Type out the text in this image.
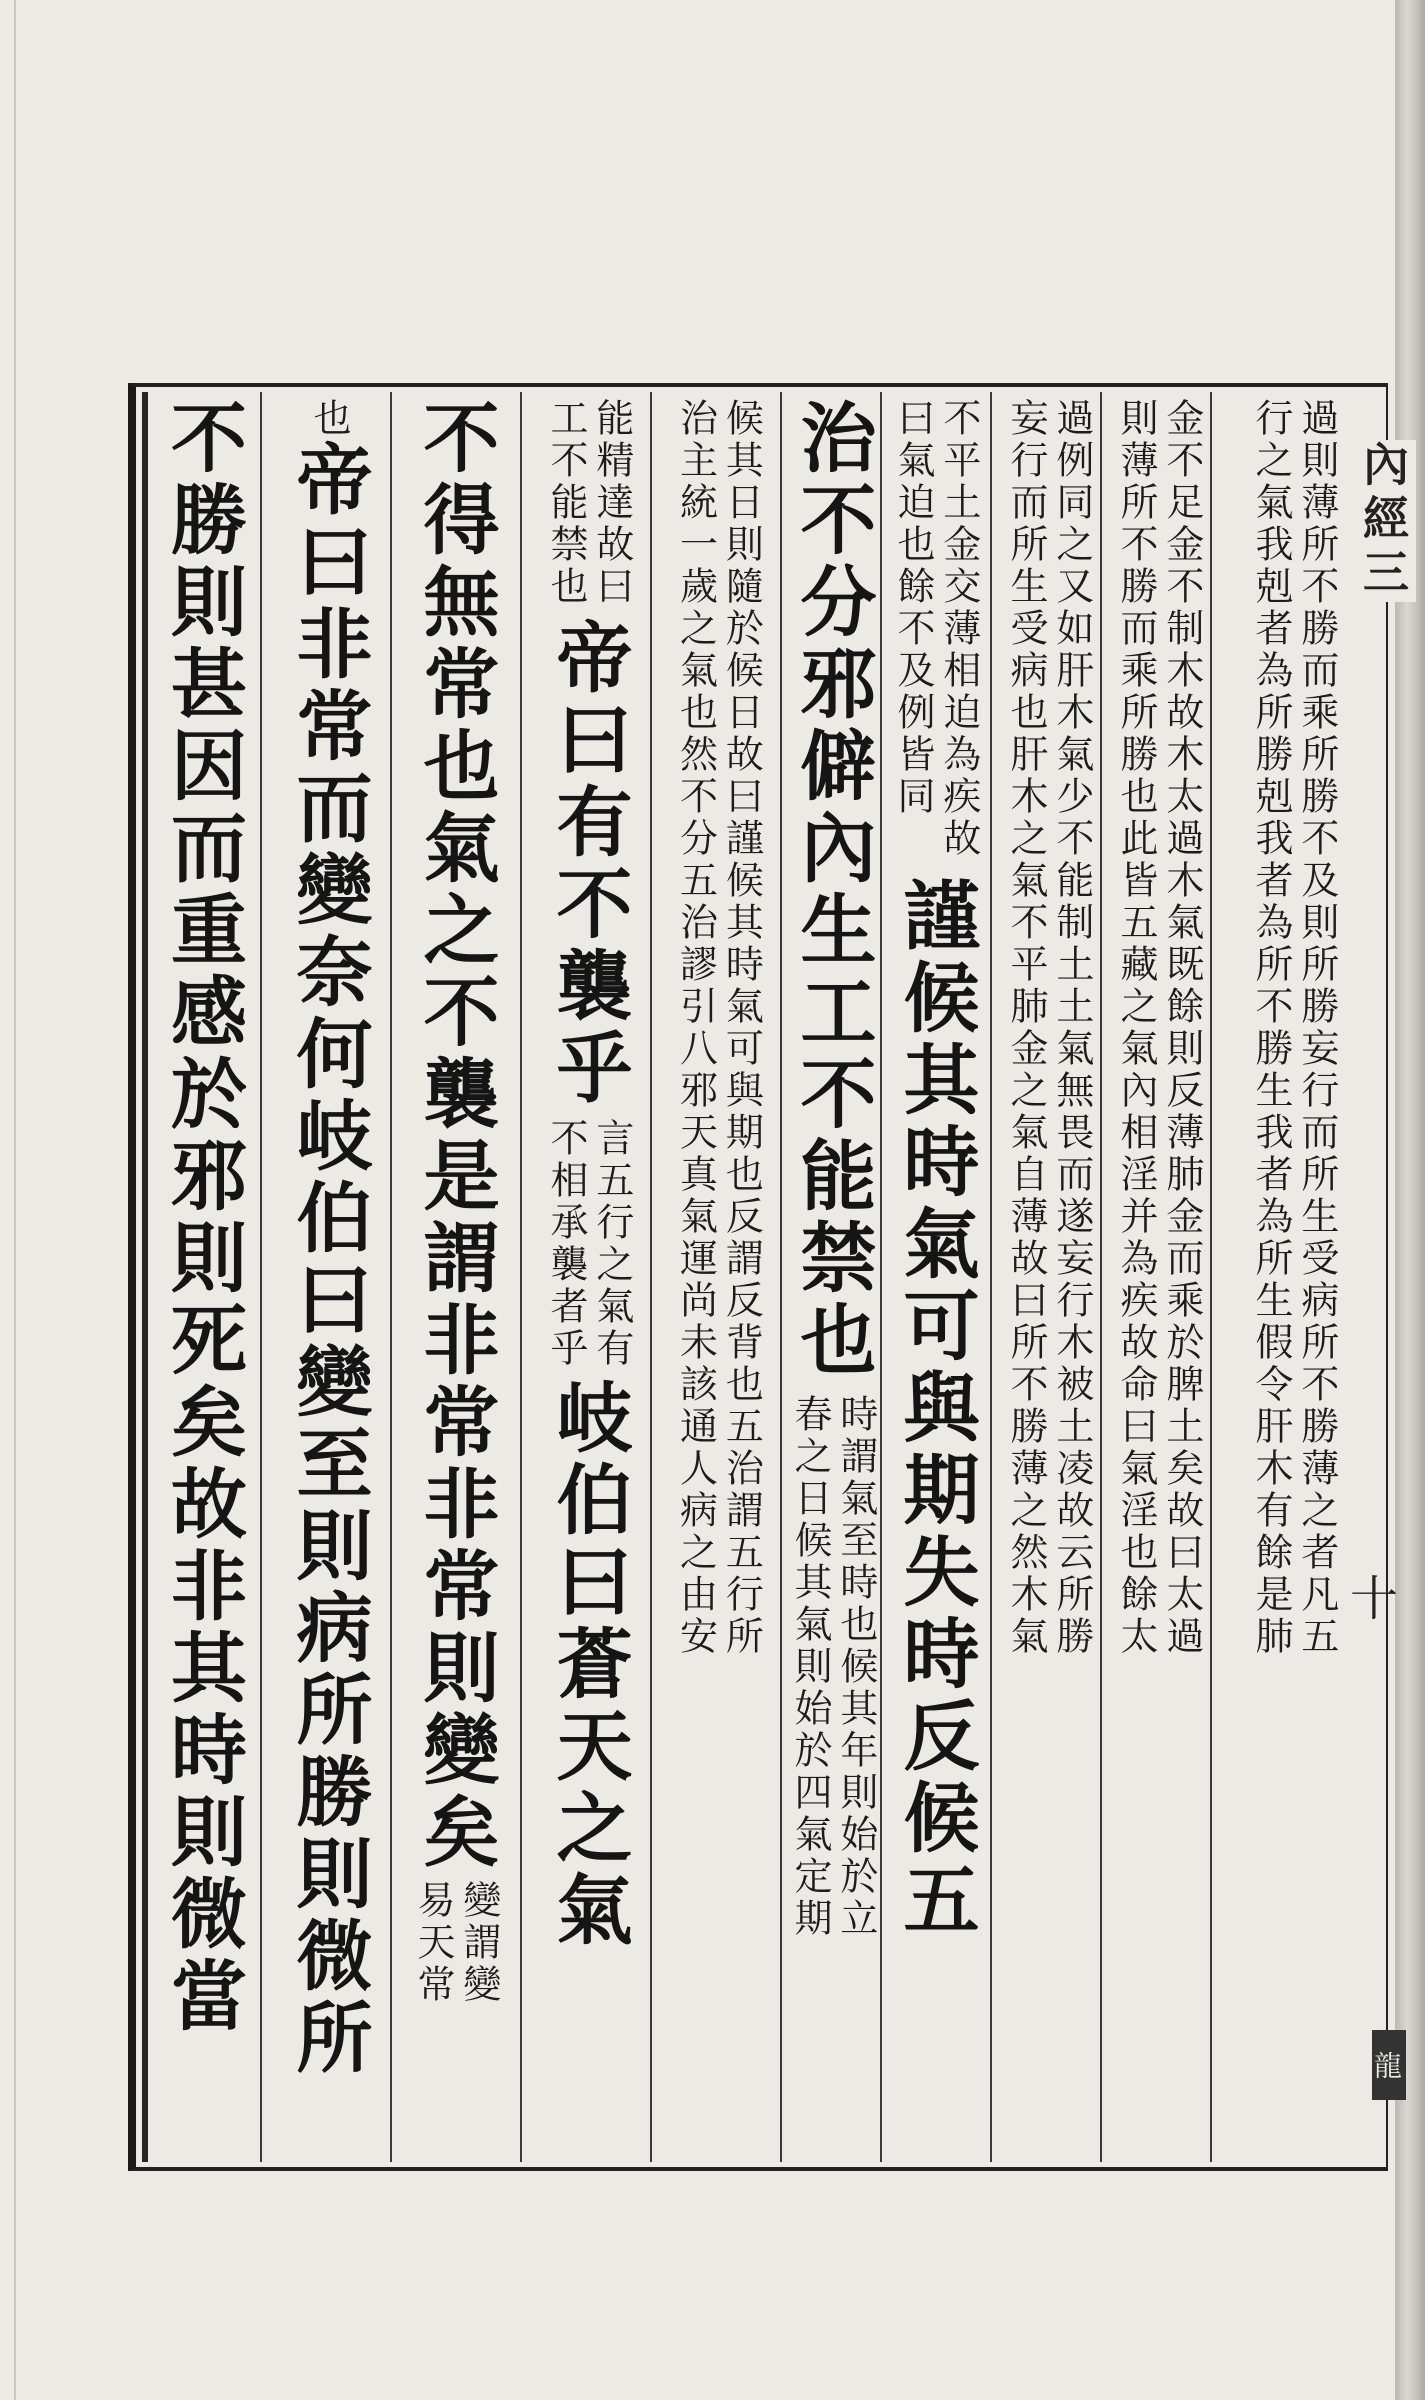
內經三
十
龍
過則薄所不勝而乘所勝不及則所勝妄行而所生受病所不勝薄之者凡五
行之氣我剋者為所勝剋我者為所不勝生我者為所生假令肝木有餘是肺
金不足金不制木故木太過木氣既餘則反薄肺金而乘於脾土矣故曰太過
則薄所不勝而乘所勝也此皆五藏之氣內相淫并為疾故命曰氣淫也餘太
過例同之又如肝木氣少不能制土土氣無畏而遂妄行木被土凌故云所勝
妄行而所生受病也肝木之氣不平肺金之氣自薄故曰所不勝薄之然木氣
不平土金交薄相迫為疾故
曰氣迫也餘不及例皆同
謹候其時氣可與期失時反候五
治不分邪僻內生工不能禁也
時謂氣至時也候其年則始於立
春之日候其氣則始於四氣定期
候其日則隨於候日故曰謹候其時氣可與期也反謂反背也五治謂五行所
治主統一歲之氣也然不分五治謬引八邪天真氣運尚未該通人病之由安
能精達故曰
工不能禁也
帝曰有不襲乎
言五行之氣有
不相承襲者乎
岐伯曰蒼天之氣
不得無常也氣之不襲是謂非常非常則變矣
變謂變
易天常
也
帝曰非常而變奈何岐伯曰變至則病所勝則微所
不勝則甚因而重感於邪則死矣故非其時則微當
